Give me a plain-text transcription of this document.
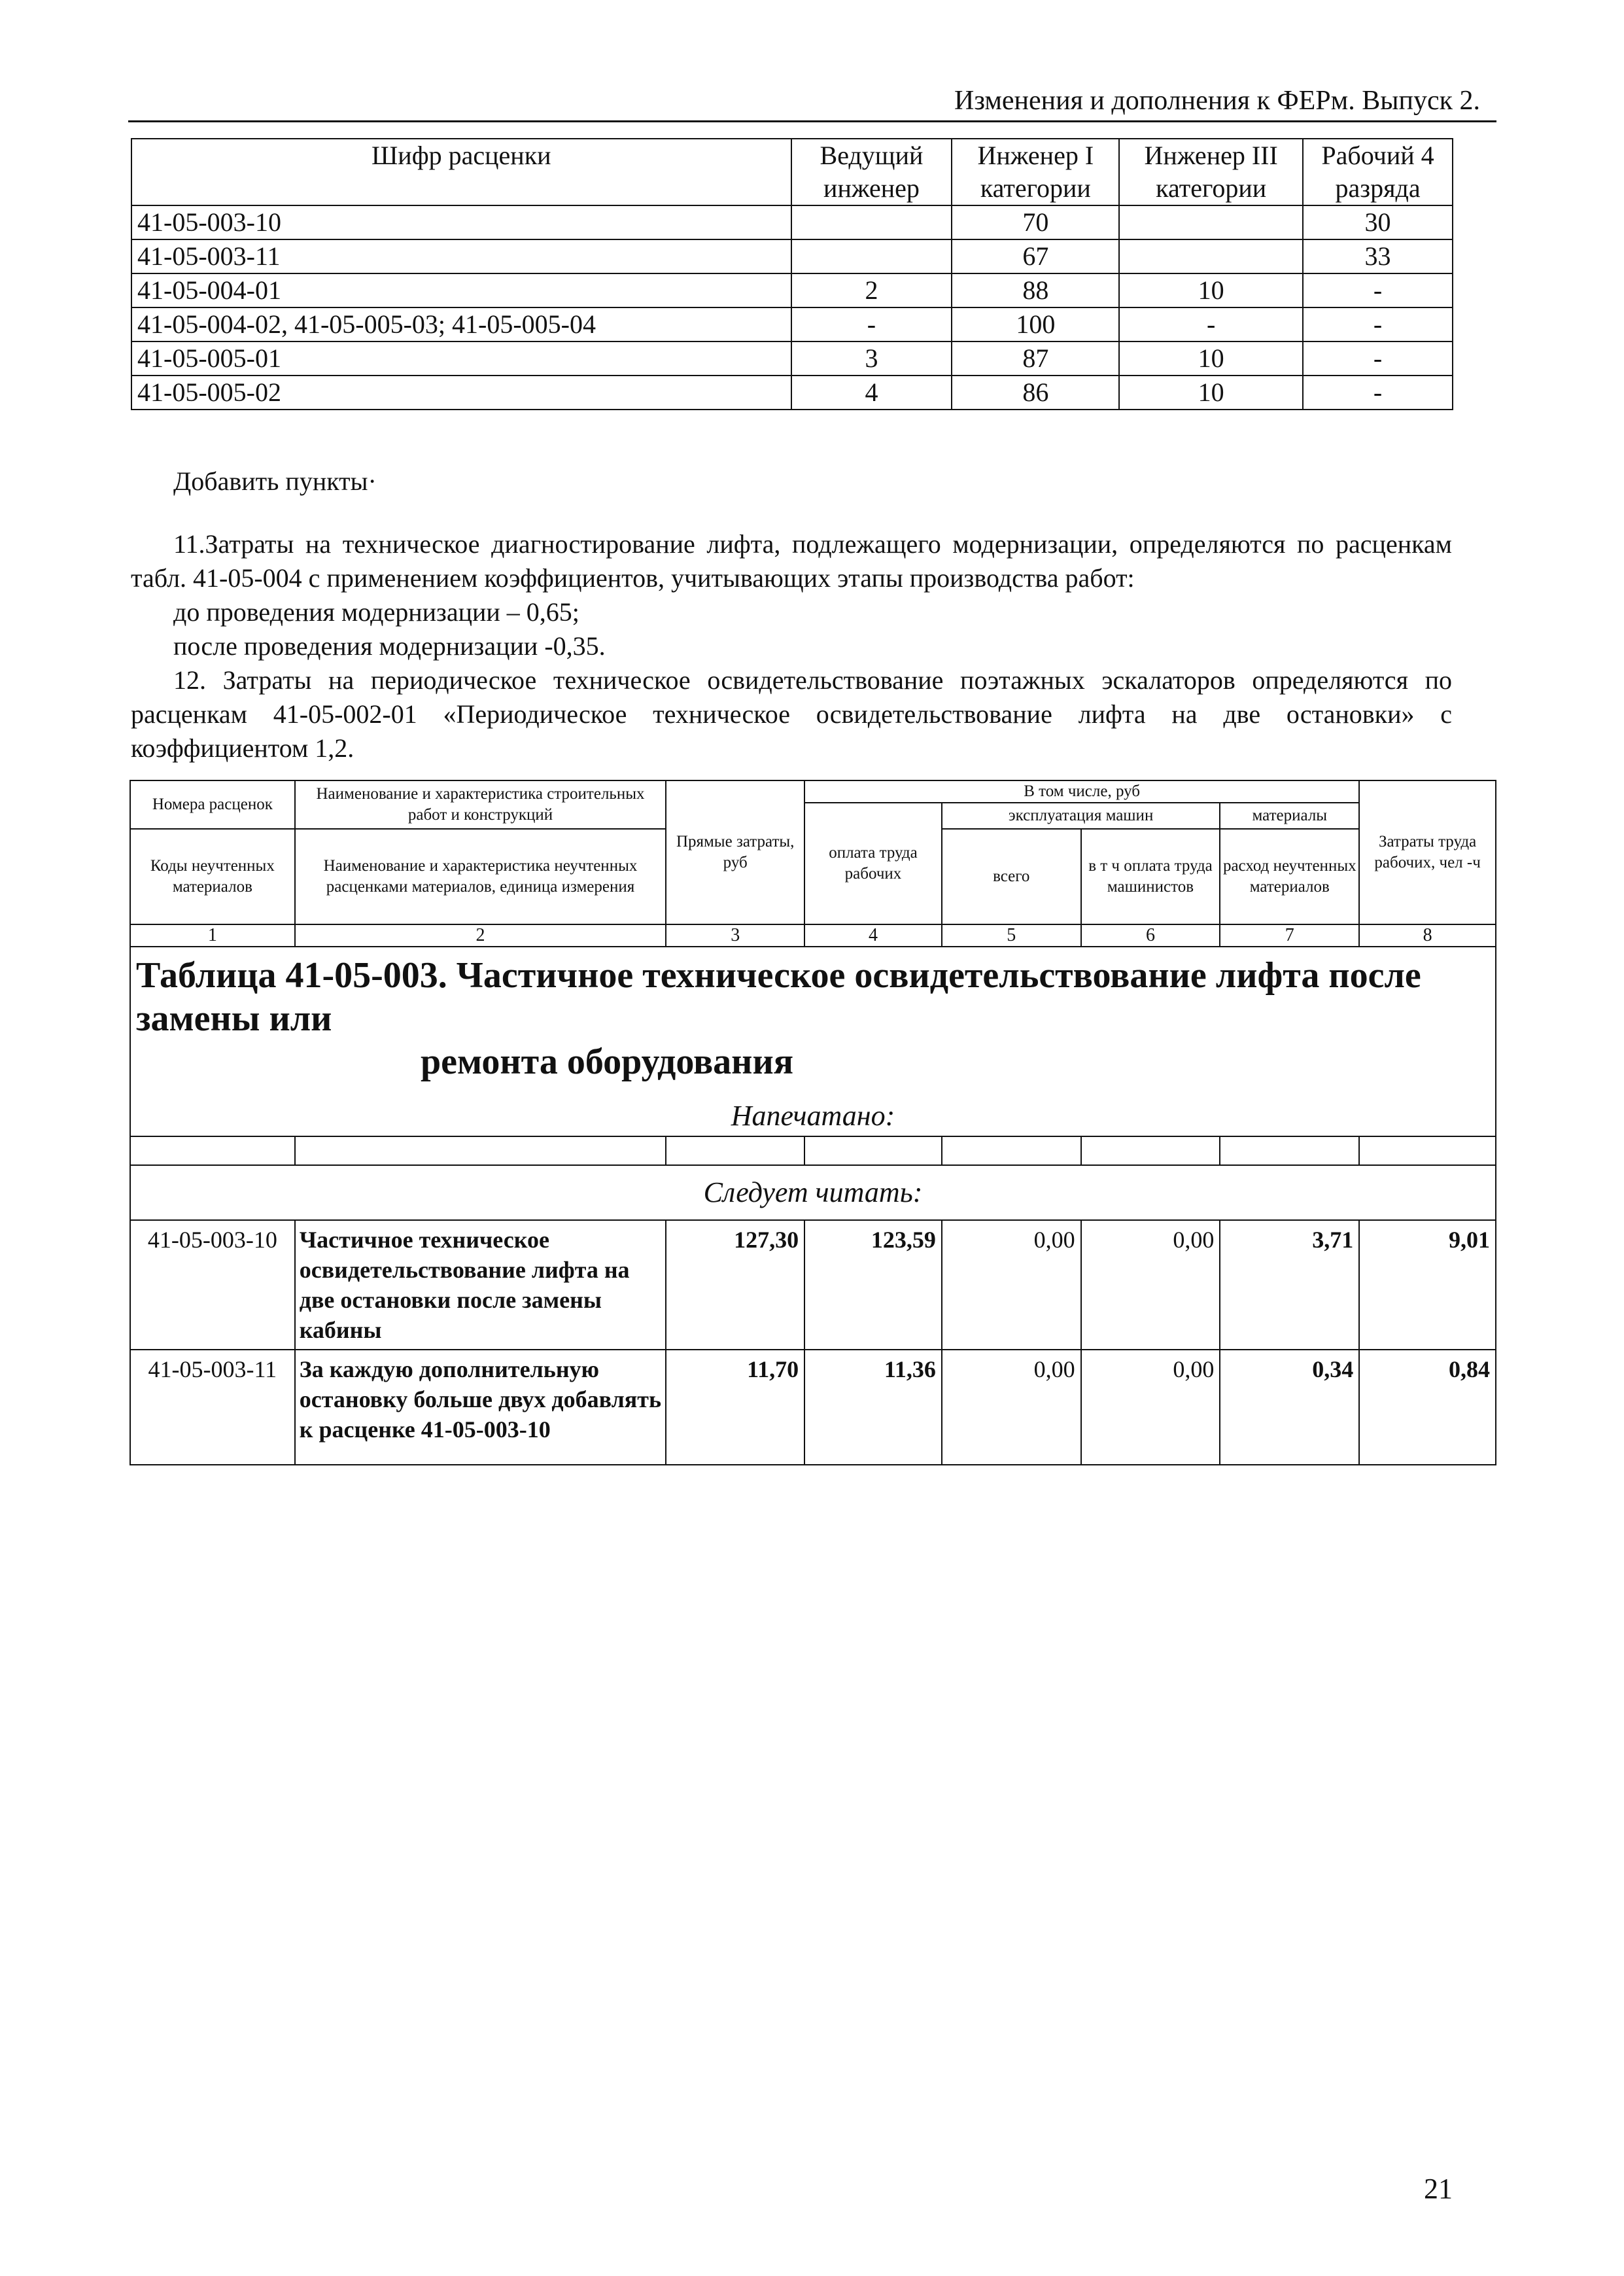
Изменения и дополнения к ФЕРм. Выпуск 2.
Шифр расценки	Ведущий инженер	Инженер I категории	Инженер III категории	Рабочий 4 разряда
41-05-003-10		70		30
41-05-003-11		67		33
41-05-004-01	2	88	10	-
41-05-004-02, 41-05-005-03; 41-05-005-04	-	100	-	-
41-05-005-01	3	87	10	-
41-05-005-02	4	86	10	-
Добавить пункты·

11.Затраты на техническое диагностирование лифта, подлежащего модернизации, определяются по расценкам табл. 41-05-004 с применением коэффициентов, учитывающих этапы производства работ:

до проведения модернизации – 0,65;

после проведения модернизации -0,35.

12. Затраты на периодическое техническое освидетельствование поэтажных эскалаторов определяются по расценкам 41-05-002-01 «Периодическое техническое освидетельствование лифта на две остановки» с коэффициентом 1,2.

Номера расценок	Наименование и характеристика строительных работ и конструкций	Прямые затраты, руб	В том числе, руб				Затраты труда рабочих, чел -ч
			оплата труда рабочих	эксплуатация машин		материалы	
Коды неучтенных материалов	Наименование и характеристика неучтенных расценками материалов, единица измерения			всего	в т ч оплата труда машинистов	расход неучтенных материалов	

1	2	3	4	5	6	7	8

Таблица 41-05-003. Частичное техническое освидетельствование лифта после замены или
ремонта оборудования
Напечатано:							

Следует читать:							
41-05-003-10	Частичное техническое освидетельствование лифта на две остановки после замены кабины	127,30	123,59	0,00	0,00	3,71	9,01
41-05-003-11	За каждую дополнительную остановку больше двух добавлять к расценке 41-05-003-10	11,70	11,36	0,00	0,00	0,34	0,84
21
